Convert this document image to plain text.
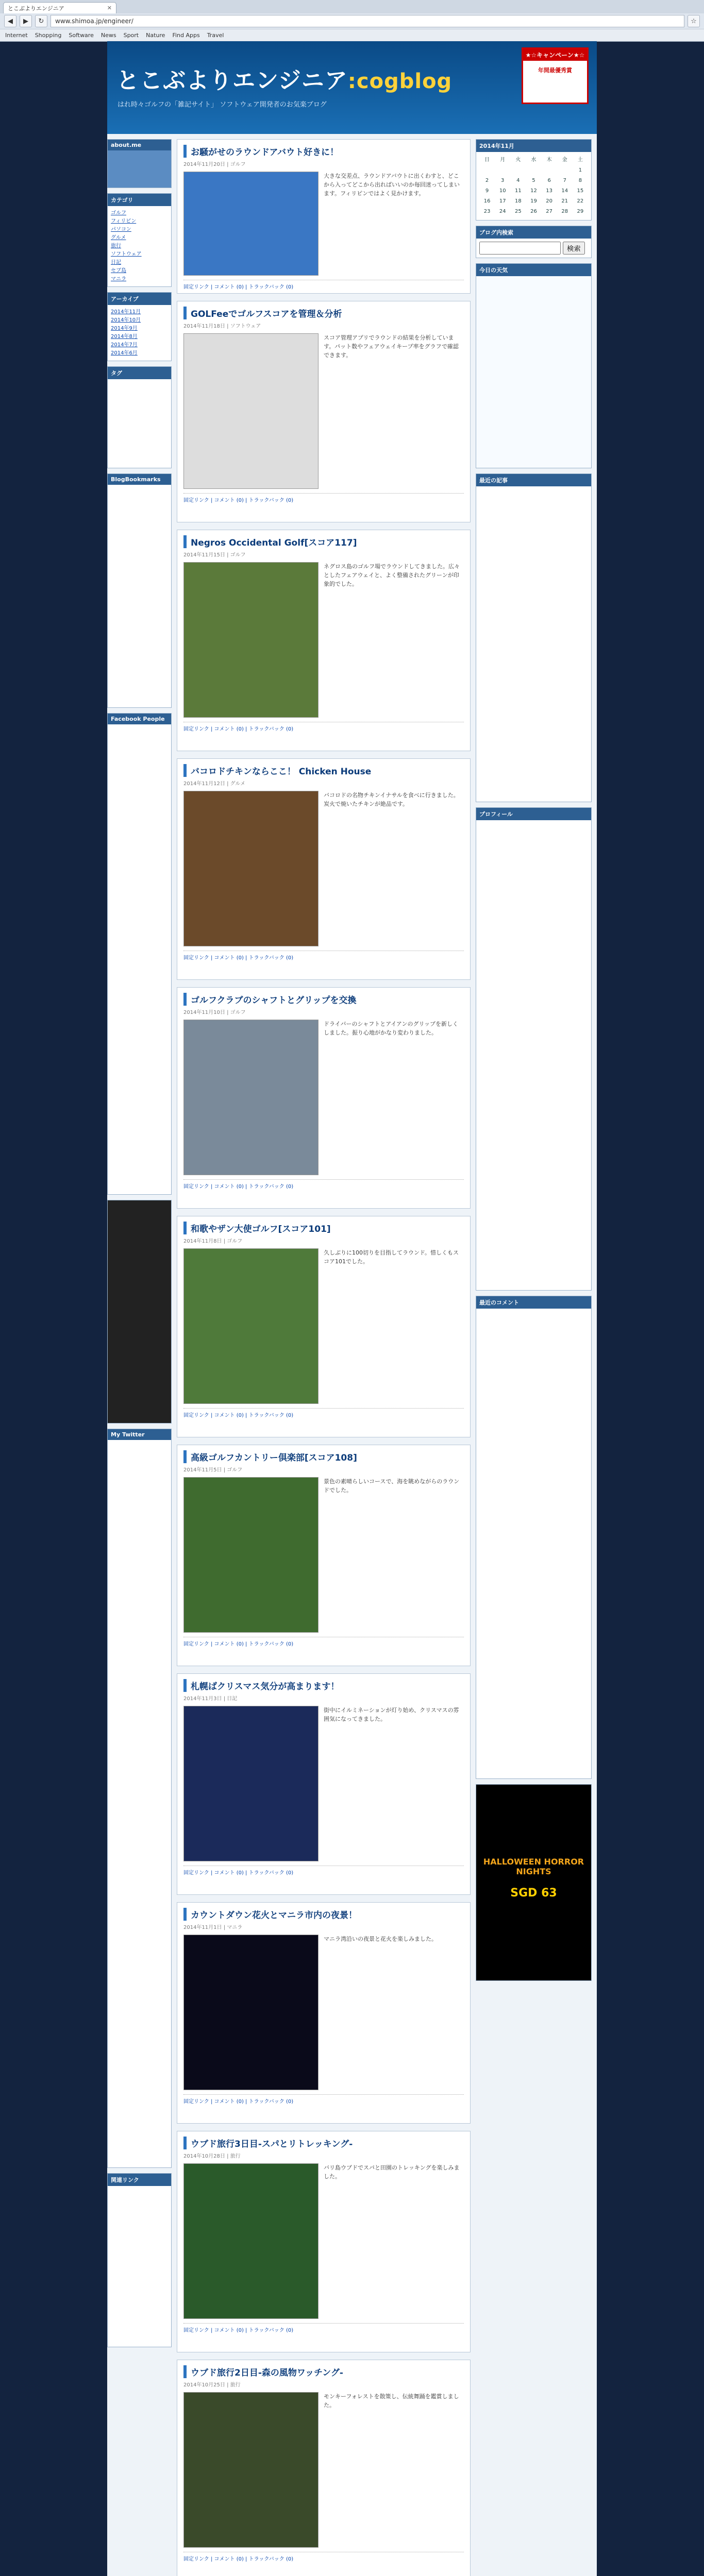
とこぶよりエンジニア	✕
◀	▶	↻	www.shimoa.jp/engineer/	☆
Internet Shopping Software News Sport Nature Find Apps Travel
とこぶよりエンジニア:cogblog
はれ時々ゴルフの「雑記サイト」 ソフトウェア開発者のお気楽ブログ
★☆キャンペーン★☆
年間最優秀賞
about.me
カテゴリ
ゴルフ
フィリピン
パソコン
グルメ
旅行
ソフトウェア
日記
セブ島
マニラ
アーカイブ
2014年11月
2014年10月
2014年9月
2014年8月
2014年7月
2014年6月
タグ
BlogBookmarks
Facebook People
My Twitter
関連リンク
お騒がせのラウンドアバウト好きに！
2014年11月20日 | ゴルフ
大きな交差点、ラウンドアバウトに出くわすと、どこから入ってどこから出ればいいのか毎回迷ってしまいます。フィリピンではよく見かけます。
固定リンク | コメント (0) | トラックバック (0)
GOLFeeでゴルフスコアを管理＆分析
2014年11月18日 | ソフトウェア
スコア管理アプリでラウンドの結果を分析しています。パット数やフェアウェイキープ率をグラフで確認できます。
固定リンク | コメント (0) | トラックバック (0)
Negros Occidental Golf[スコア117]
2014年11月15日 | ゴルフ
ネグロス島のゴルフ場でラウンドしてきました。広々としたフェアウェイと、よく整備されたグリーンが印象的でした。
固定リンク | コメント (0) | トラックバック (0)
バコロドチキンならここ！ Chicken House
2014年11月12日 | グルメ
バコロドの名物チキンイナサルを食べに行きました。炭火で焼いたチキンが絶品です。
固定リンク | コメント (0) | トラックバック (0)
ゴルフクラブのシャフトとグリップを交換
2014年11月10日 | ゴルフ
ドライバーのシャフトとアイアンのグリップを新しくしました。振り心地がかなり変わりました。
固定リンク | コメント (0) | トラックバック (0)
和歌やザン大使ゴルフ[スコア101]
2014年11月8日 | ゴルフ
久しぶりに100切りを目指してラウンド。惜しくもスコア101でした。
固定リンク | コメント (0) | トラックバック (0)
高級ゴルフカントリー倶楽部[スコア108]
2014年11月5日 | ゴルフ
景色の素晴らしいコースで、海を眺めながらのラウンドでした。
固定リンク | コメント (0) | トラックバック (0)
札幌ばクリスマス気分が高まります！
2014年11月3日 | 日記
街中にイルミネーションが灯り始め、クリスマスの雰囲気になってきました。
固定リンク | コメント (0) | トラックバック (0)
カウントダウン花火とマニラ市内の夜景！
2014年11月1日 | マニラ
マニラ湾沿いの夜景と花火を楽しみました。
固定リンク | コメント (0) | トラックバック (0)
ウブド旅行3日目-スパとリトレッキング-
2014年10月28日 | 旅行
バリ島ウブドでスパと田園のトレッキングを楽しみました。
固定リンク | コメント (0) | トラックバック (0)
ウブド旅行2日目-森の風物ワッチング-
2014年10月25日 | 旅行
モンキーフォレストを散策し、伝統舞踊を鑑賞しました。
固定リンク | コメント (0) | トラックバック (0)
2014年11月
日	月	火	水	木	金	土
						1
2	3	4	5	6	7	8
9	10	11	12	13	14	15
16	17	18	19	20	21	22
23	24	25	26	27	28	29
ブログ内検索
検索
今日の天気
最近の記事
プロフィール
最近のコメント
HALLOWEEN HORROR NIGHTS
SGD 63
